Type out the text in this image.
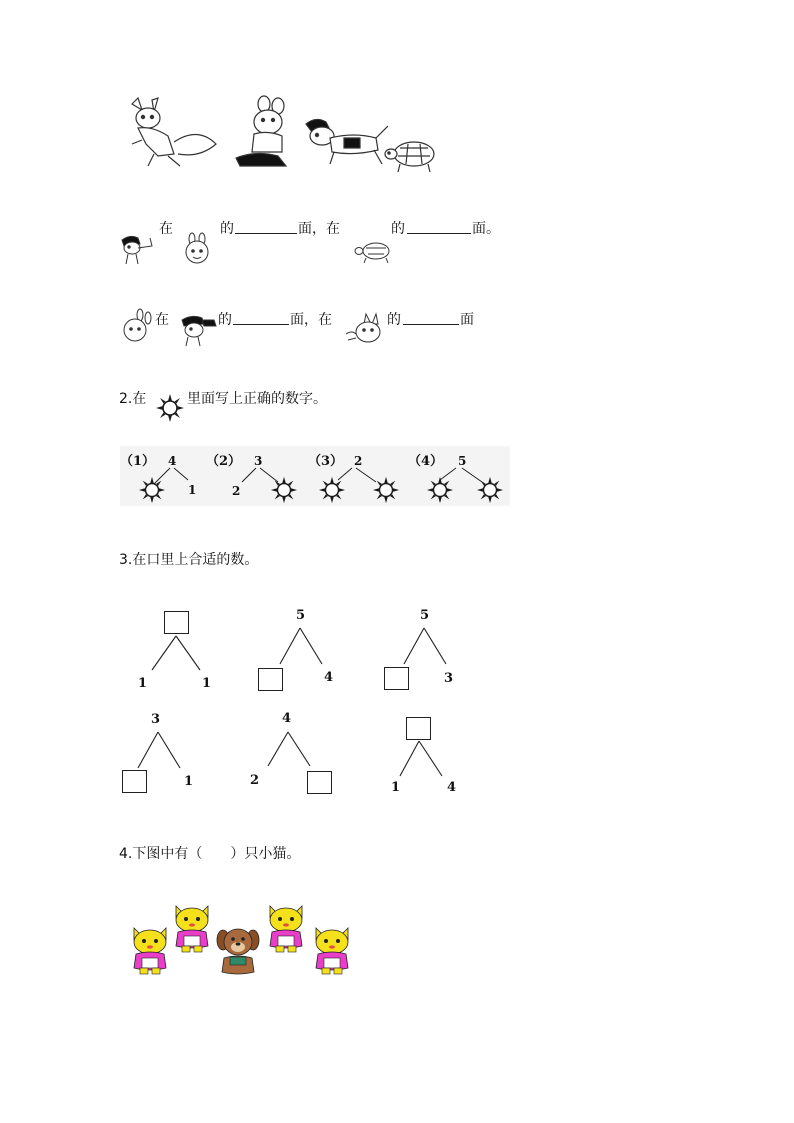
在	的	面，在	的	面。
在	的	面，在	的	面
2.在	里面写上正确的数字。
（1） 4
1
（2） 3
2
（3） 2	（4） 5
3.在口里上合适的数。
1	1
5
4
5
3
3
1
4
2	1	4
4.下图中有（　　）只小猫。
